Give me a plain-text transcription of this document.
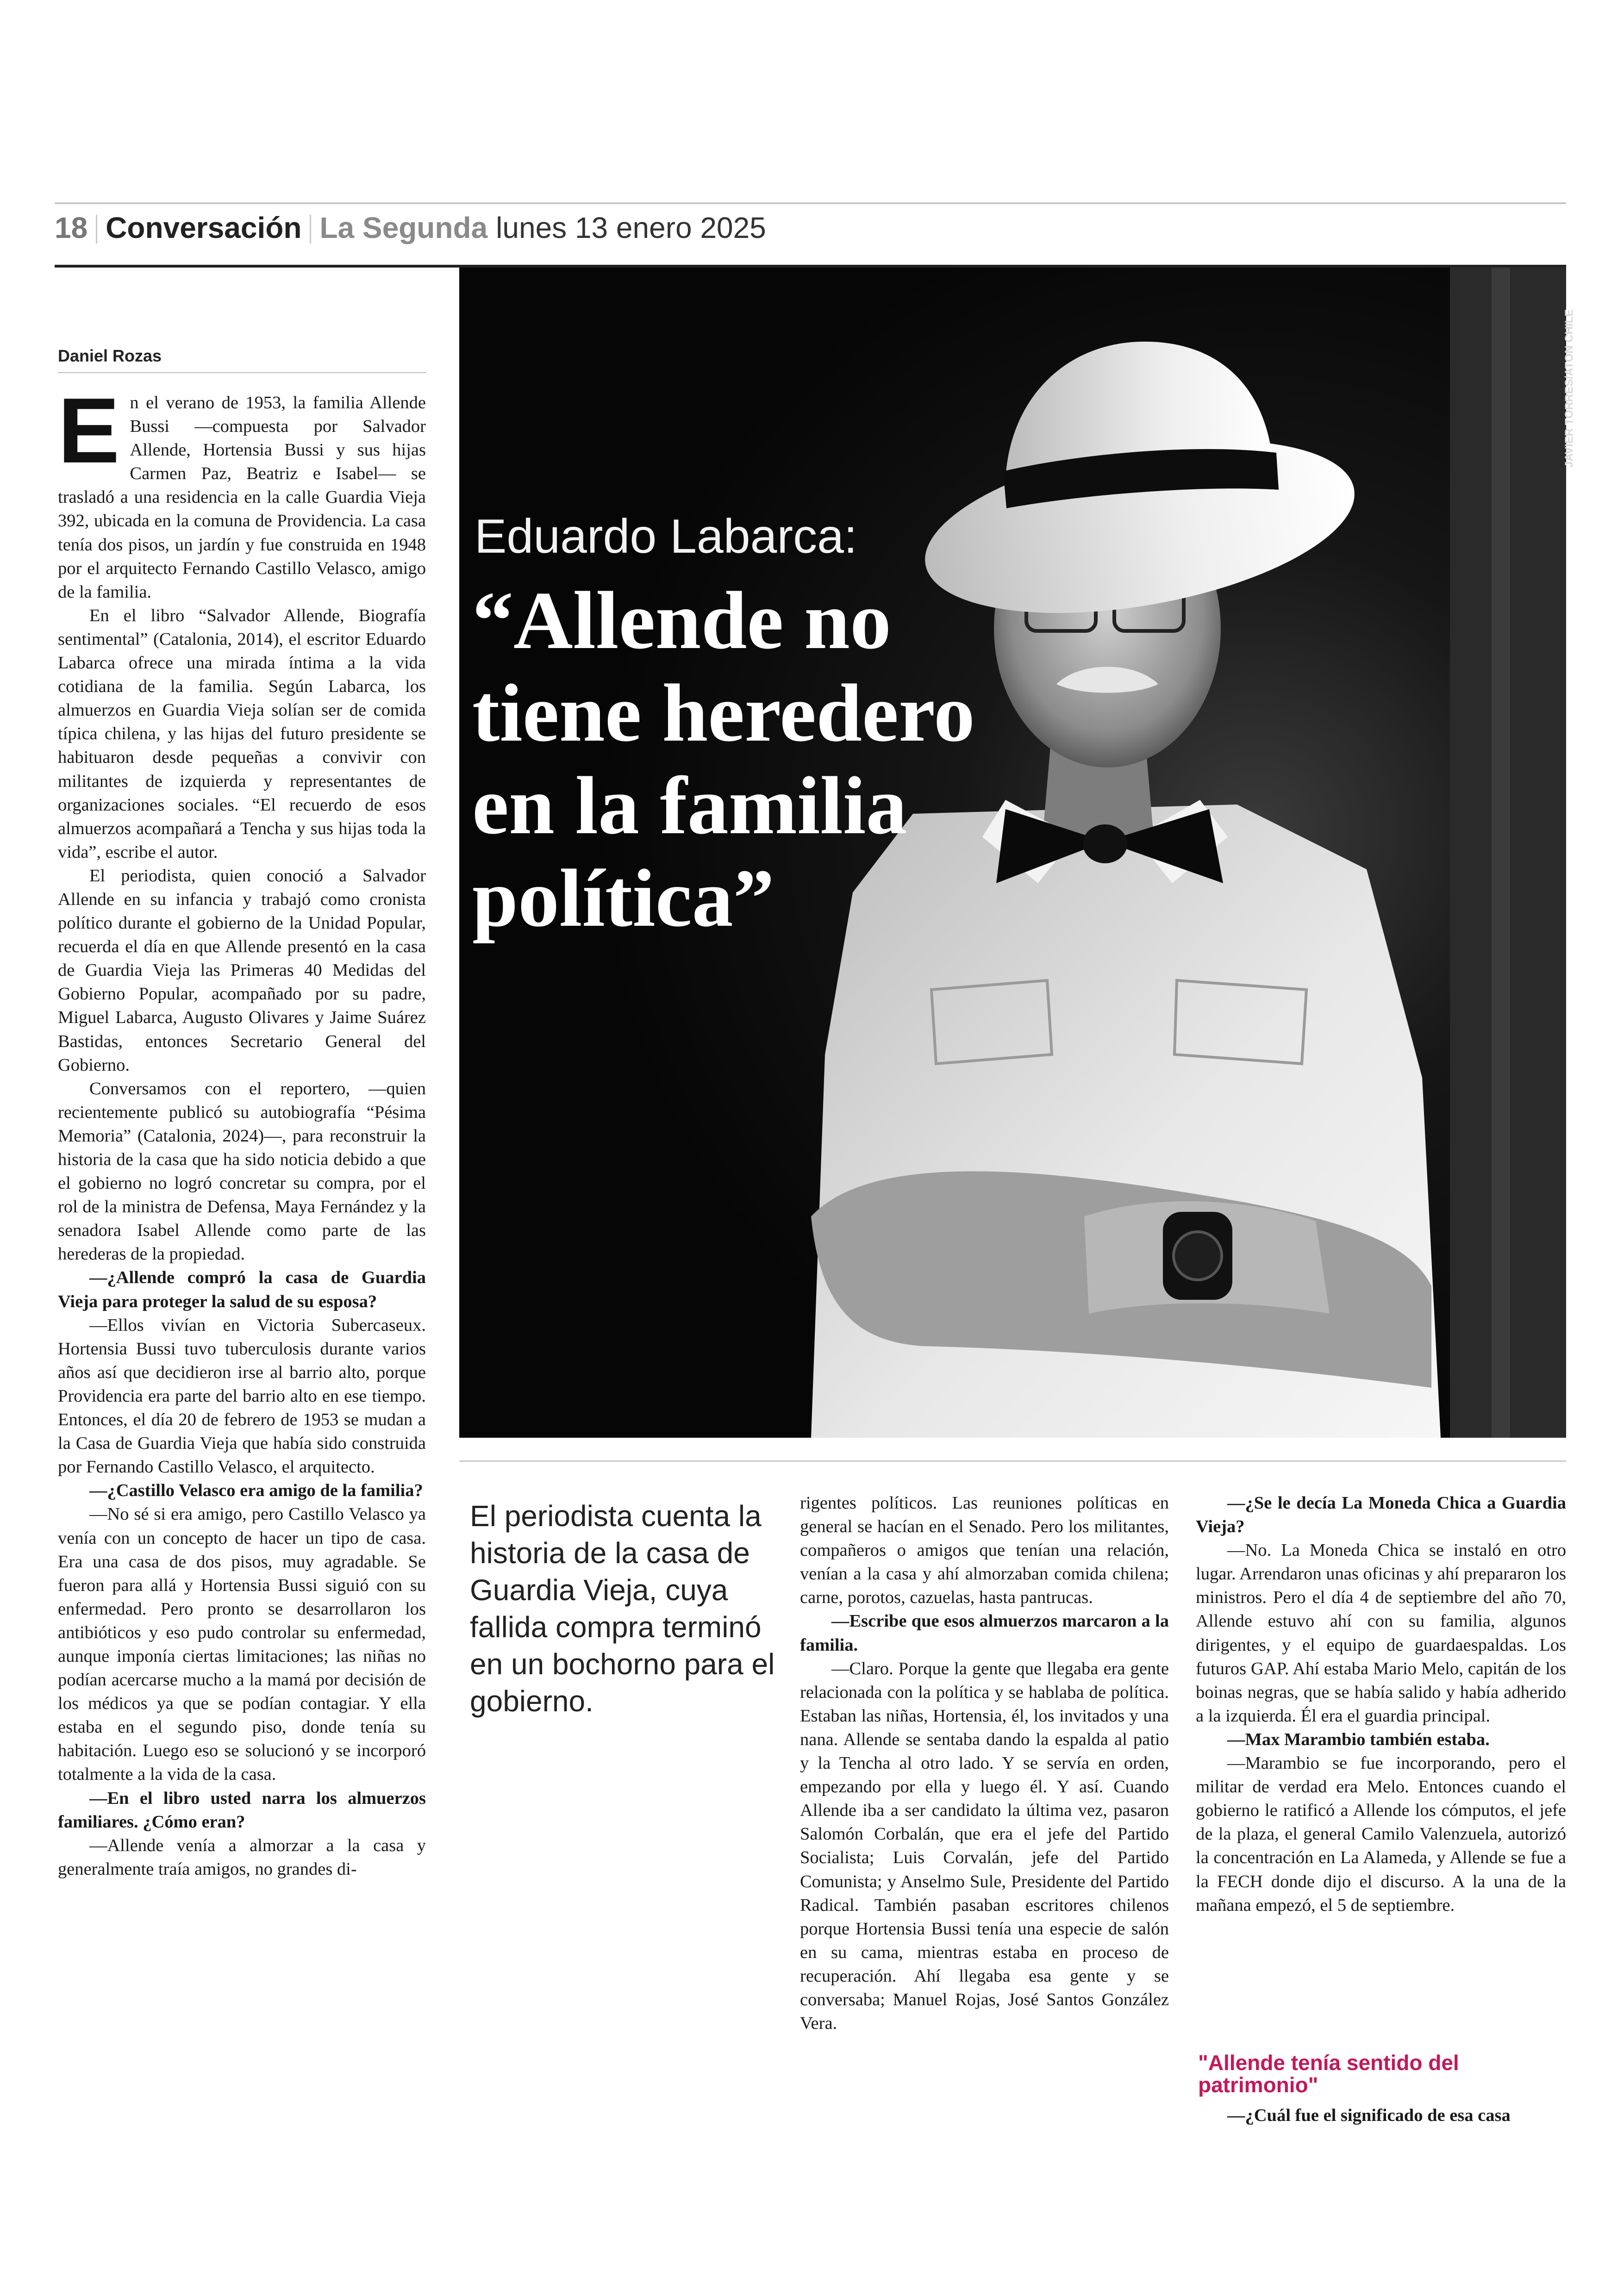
18 Conversación La Segunda lunes 13 enero 2025
JAVIER TORRES/ATON CHILE
Eduardo Labarca:
“Allende no tiene heredero en la familia política”
Daniel Rozas
E n el verano de 1953, la familia Allende Bussi —compuesta por Salvador Allende, Hortensia Bussi y sus hijas Carmen Paz, Beatriz e Isabel— se trasladó a una residencia en la calle Guardia Vieja 392, ubicada en la comuna de Providencia. La casa tenía dos pisos, un jardín y fue construida en 1948 por el arquitecto Fernando Castillo Velasco, amigo de la familia.

En el libro “Salvador Allende, Biografía sentimental” (Catalonia, 2014), el escritor Eduardo Labarca ofrece una mirada íntima a la vida cotidiana de la familia. Según Labarca, los almuerzos en Guardia Vieja solían ser de comida típica chilena, y las hijas del futuro presidente se habituaron desde pequeñas a convivir con militantes de izquierda y representantes de organizaciones sociales. “El recuerdo de esos almuerzos acompañará a Tencha y sus hijas toda la vida”, escribe el autor.

El periodista, quien conoció a Salvador Allende en su infancia y trabajó como cronista político durante el gobierno de la Unidad Popular, recuerda el día en que Allende presentó en la casa de Guardia Vieja las Primeras 40 Medidas del Gobierno Popular, acompañado por su padre, Miguel Labarca, Augusto Olivares y Jaime Suárez Bastidas, entonces Secretario General del Gobierno.

Conversamos con el reportero, —quien recientemente publicó su autobiografía “Pésima Memoria” (Catalonia, 2024)—, para reconstruir la historia de la casa que ha sido noticia debido a que el gobierno no logró concretar su compra, por el rol de la ministra de Defensa, Maya Fernández y la senadora Isabel Allende como parte de las herederas de la propiedad.

—¿Allende compró la casa de Guardia Vieja para proteger la salud de su esposa?

—Ellos vivían en Victoria Subercaseux. Hortensia Bussi tuvo tuberculosis durante varios años así que decidieron irse al barrio alto, porque Providencia era parte del barrio alto en ese tiempo. Entonces, el día 20 de febrero de 1953 se mudan a la Casa de Guardia Vieja que había sido construida por Fernando Castillo Velasco, el arquitecto.

—¿Castillo Velasco era amigo de la familia?

—No sé si era amigo, pero Castillo Velasco ya venía con un concepto de hacer un tipo de casa. Era una casa de dos pisos, muy agradable. Se fueron para allá y Hortensia Bussi siguió con su enfermedad. Pero pronto se desarrollaron los antibióticos y eso pudo controlar su enfermedad, aunque imponía ciertas limitaciones; las niñas no podían acercarse mucho a la mamá por decisión de los médicos ya que se podían contagiar. Y ella estaba en el segundo piso, donde tenía su habitación. Luego eso se solucionó y se incorporó totalmente a la vida de la casa.

—En el libro usted narra los almuerzos familiares. ¿Cómo eran?

—Allende venía a almorzar a la casa y generalmente traía amigos, no grandes di-

El periodista cuenta la historia de la casa de Guardia Vieja, cuya fallida compra terminó en un bochorno para el gobierno.

rigentes políticos. Las reuniones políticas en general se hacían en el Senado. Pero los militantes, compañeros o amigos que tenían una relación, venían a la casa y ahí almorzaban comida chilena; carne, porotos, cazuelas, hasta pantrucas.

—Escribe que esos almuerzos marcaron a la familia.

—Claro. Porque la gente que llegaba era gente relacionada con la política y se hablaba de política. Estaban las niñas, Hortensia, él, los invitados y una nana. Allende se sentaba dando la espalda al patio y la Tencha al otro lado. Y se servía en orden, empezando por ella y luego él. Y así. Cuando Allende iba a ser candidato la última vez, pasaron Salomón Corbalán, que era el jefe del Partido Socialista; Luis Corvalán, jefe del Partido Comunista; y Anselmo Sule, Presidente del Partido Radical. También pasaban escritores chilenos porque Hortensia Bussi tenía una especie de salón en su cama, mientras estaba en proceso de recuperación. Ahí llegaba esa gente y se conversaba; Manuel Rojas, José Santos González Vera.

—¿Se le decía La Moneda Chica a Guardia Vieja?

—No. La Moneda Chica se instaló en otro lugar. Arrendaron unas oficinas y ahí prepararon los ministros. Pero el día 4 de septiembre del año 70, Allende estuvo ahí con su familia, algunos dirigentes, y el equipo de guardaespaldas. Los futuros GAP. Ahí estaba Mario Melo, capitán de los boinas negras, que se había salido y había adherido a la izquierda. Él era el guardia principal.

—Max Marambio también estaba.

—Marambio se fue incorporando, pero el militar de verdad era Melo. Entonces cuando el gobierno le ratificó a Allende los cómputos, el jefe de la plaza, el general Camilo Valenzuela, autorizó la concentración en La Alameda, y Allende se fue a la FECH donde dijo el discurso. A la una de la mañana empezó, el 5 de septiembre.

"Allende tenía sentido del patrimonio"

—¿Cuál fue el significado de esa casa
